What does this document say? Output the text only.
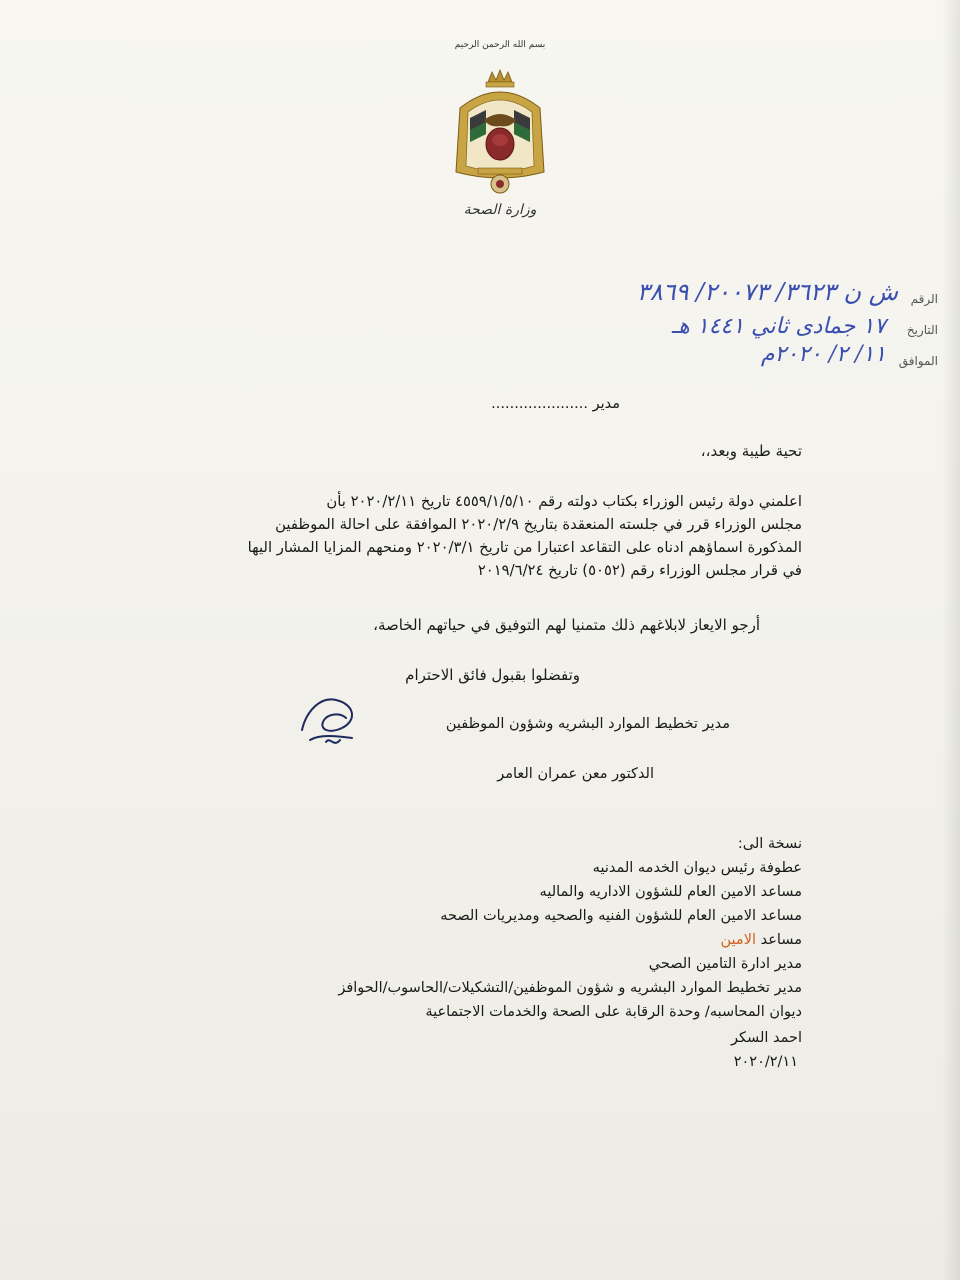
بسم الله الرحمن الرحيم
وزارة الصحة
الرقم
ش ن ٣٦٢٣/ ٢٠٠٧٣/ ٣٨٦٩
التاريخ
١٧ جمادى ثاني ١٤٤١ هـ
الموافق
١١/ ٢/ ٢٠٢٠م
مدير .....................
تحية طيبة وبعد،،
اعلمني دولة رئيس الوزراء بكتاب دولته رقم ٤٥٥٩/١/٥/١٠ تاريخ ٢٠٢٠/٢/١١ بأن
مجلس الوزراء قرر في جلسته المنعقدة بتاريخ ٢٠٢٠/٢/٩ الموافقة على احالة الموظفين
المذكورة اسماؤهم ادناه على التقاعد اعتبارا من تاريخ ٢٠٢٠/٣/١ ومنحهم المزايا المشار اليها
في قرار مجلس الوزراء رقم (٥٠٥٢) تاريخ ٢٠١٩/٦/٢٤
أرجو الايعاز لابلاغهم ذلك متمنيا لهم التوفيق في حياتهم الخاصة،
وتفضلوا بقبول فائق الاحترام
مدير تخطيط الموارد البشريه وشؤون الموظفين
الدكتور معن عمران العامر
نسخة الى:
عطوفة رئيس ديوان الخدمه المدنيه
مساعد الامين العام للشؤون الاداريه والماليه
مساعد الامين العام للشؤون الفنيه والصحيه ومديريات الصحه
مساعد الامين
مدير ادارة التامين الصحي
مدير تخطيط الموارد البشريه و شؤون الموظفين/التشكيلات/الحاسوب/الحوافز
ديوان المحاسبه/ وحدة الرقابة على الصحة والخدمات الاجتماعية
احمد السكر
٢٠٢٠/٢/١١
